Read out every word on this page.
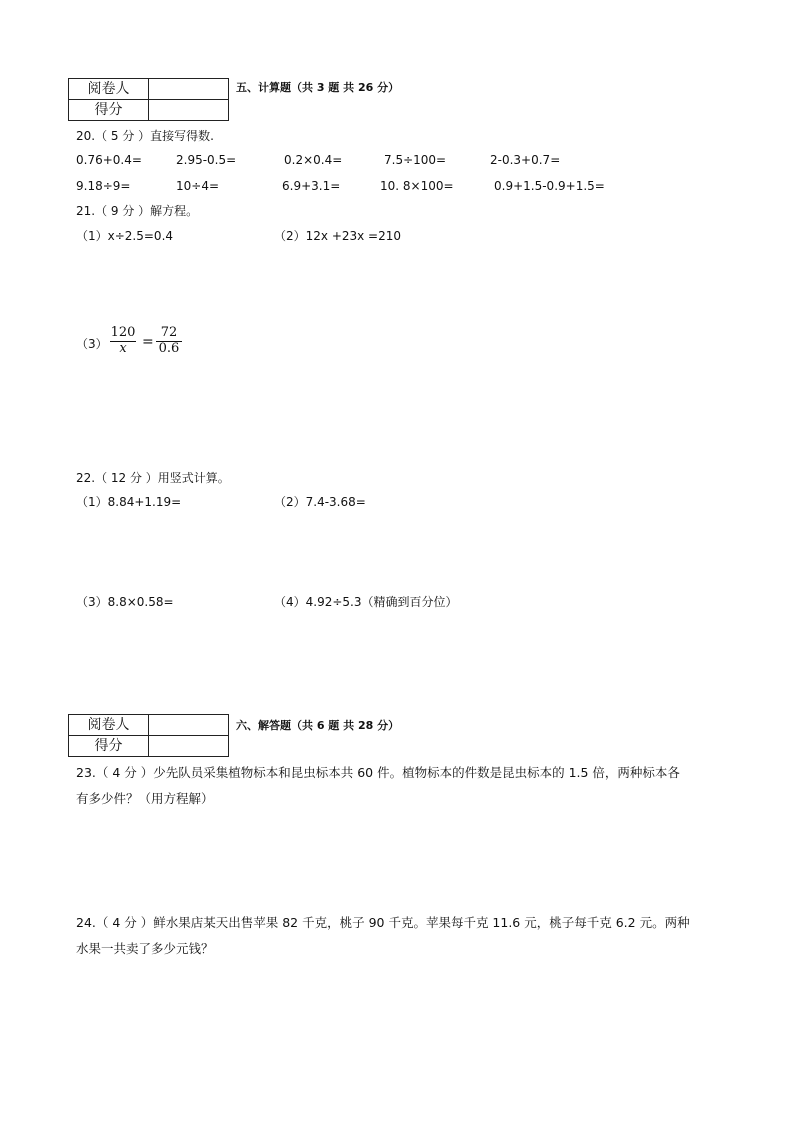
阅卷人	
得分	
五、计算题（共 3 题 共 26 分）
20.（ 5 分 ）直接写得数.
0.76+0.4=	2.95-0.5=	0.2×0.4=	7.5÷100=	2-0.3+0.7=
9.18÷9=	10÷4=	6.9+3.1=	10. 8×100=	0.9+1.5-0.9+1.5=
21.（ 9 分 ）解方程。
（1）x÷2.5=0.4	（2）12x +23x =210
（3）
120
x	=
72
0.6
22.（ 12 分 ）用竖式计算。
（1）8.84+1.19=	（2）7.4-3.68=
（3）8.8×0.58=	（4）4.92÷5.3（精确到百分位）
阅卷人	
得分	
六、解答题（共 6 题 共 28 分）
23.（ 4 分 ）少先队员采集植物标本和昆虫标本共 60 件。植物标本的件数是昆虫标本的 1.5 倍，两种标本各
有多少件？（用方程解）
24.（ 4 分 ）鲜水果店某天出售苹果 82 千克，桃子 90 千克。苹果每千克 11.6 元，桃子每千克 6.2 元。两种
水果一共卖了多少元钱？
